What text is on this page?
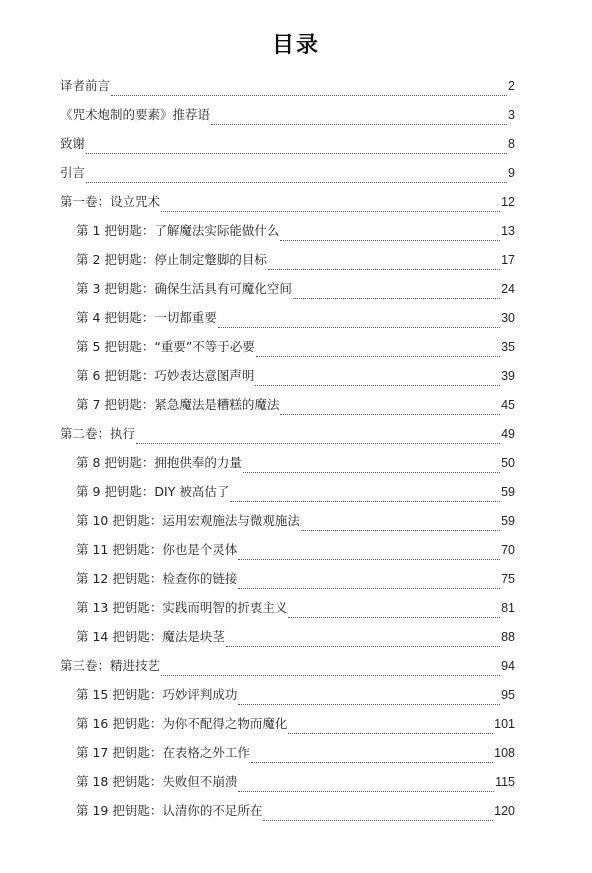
目录
译者前言	2
《咒术炮制的要素》推荐语	3
致谢	8
引言	9
第一卷：设立咒术	12
第 1 把钥匙：了解魔法实际能做什么	13
第 2 把钥匙：停止制定蹩脚的目标	17
第 3 把钥匙：确保生活具有可魔化空间	24
第 4 把钥匙：一切都重要	30
第 5 把钥匙：“重要”不等于必要	35
第 6 把钥匙：巧妙表达意图声明	39
第 7 把钥匙：紧急魔法是糟糕的魔法	45
第二卷：执行	49
第 8 把钥匙：拥抱供奉的力量	50
第 9 把钥匙：DIY 被高估了	59
第 10 把钥匙：运用宏观施法与微观施法	59
第 11 把钥匙：你也是个灵体	70
第 12 把钥匙：检查你的链接	75
第 13 把钥匙：实践而明智的折衷主义	81
第 14 把钥匙：魔法是块茎	88
第三卷：精进技艺	94
第 15 把钥匙：巧妙评判成功	95
第 16 把钥匙：为你不配得之物而魔化	101
第 17 把钥匙：在表格之外工作	108
第 18 把钥匙：失败但不崩溃	115
第 19 把钥匙：认清你的不足所在	120
